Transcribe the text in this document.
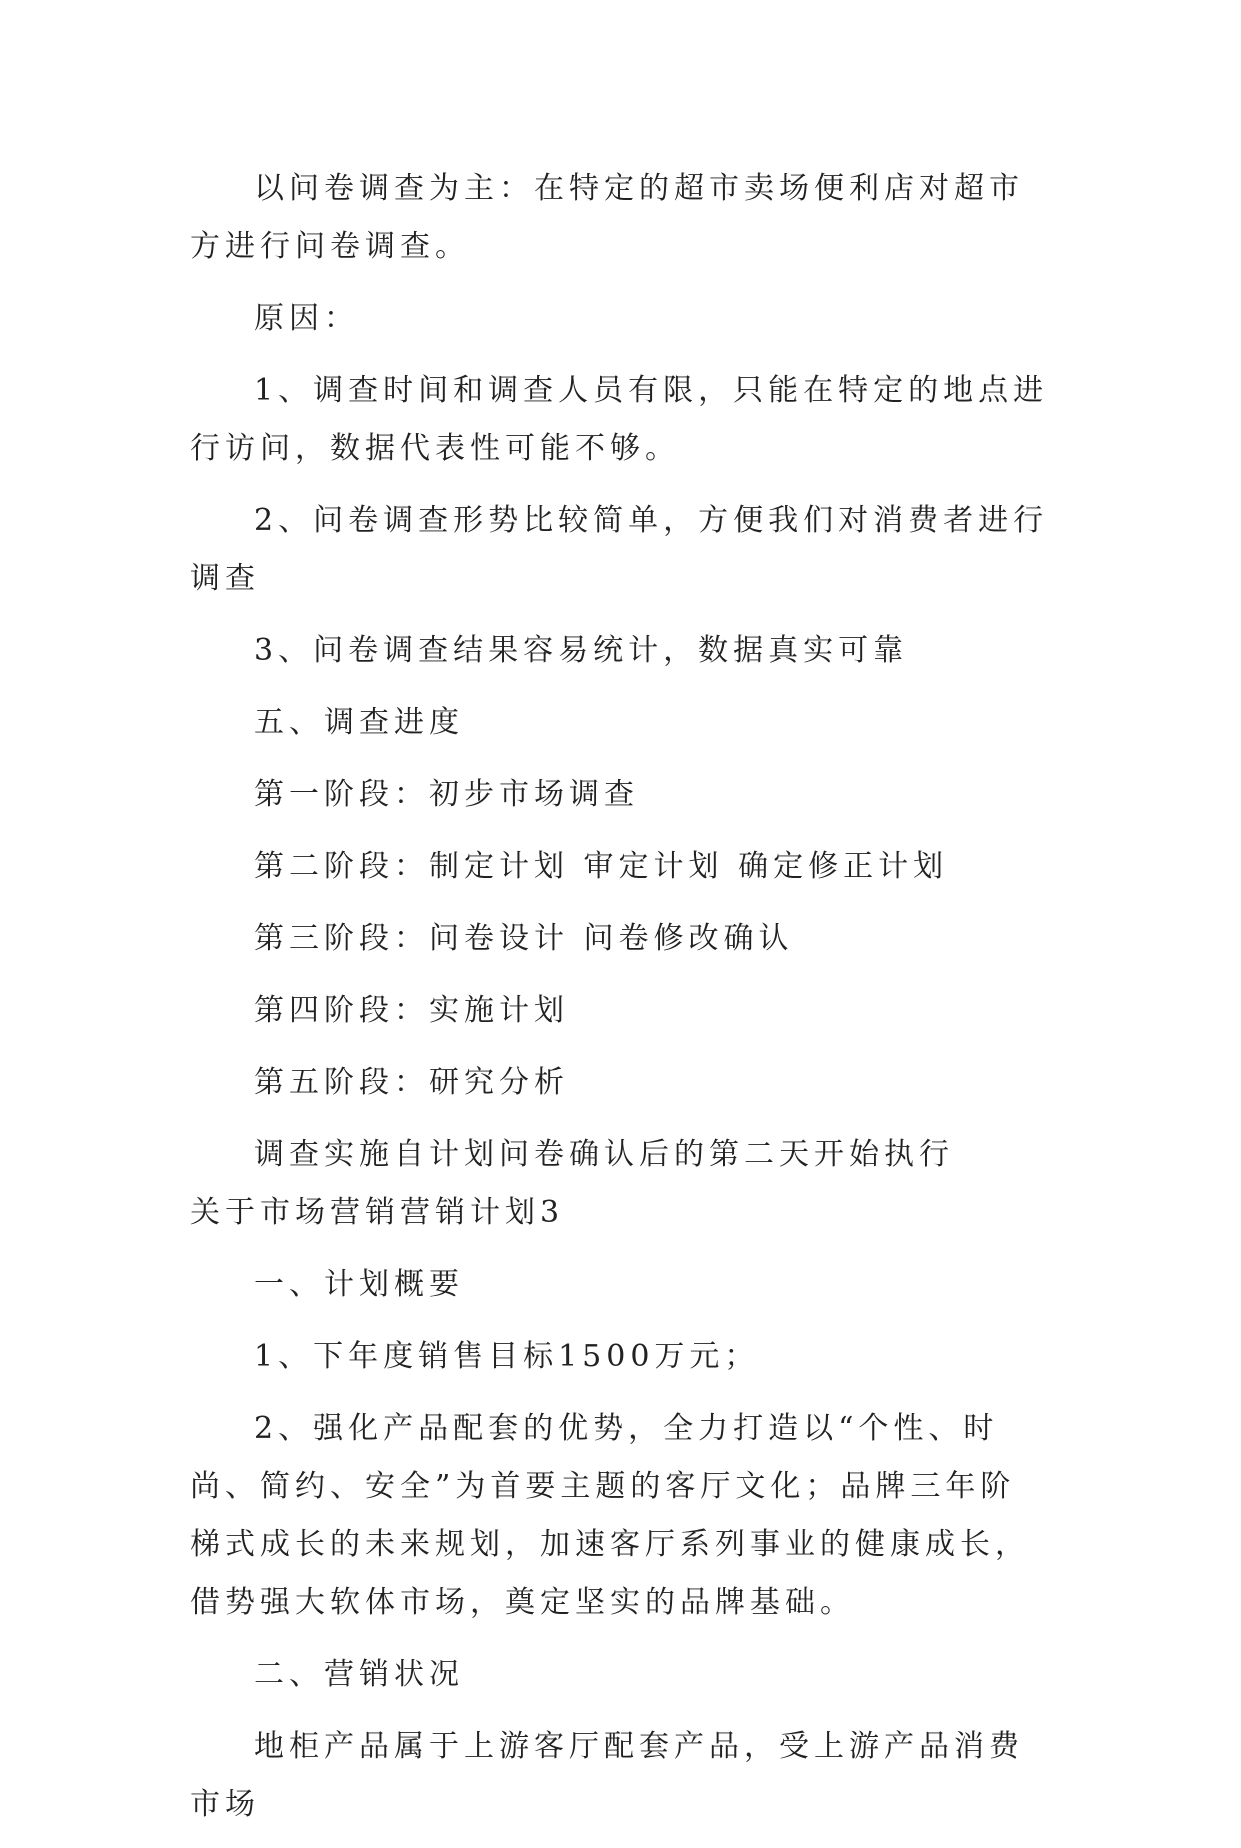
以问卷调查为主：在特定的超市卖场便利店对超市方进行问卷调查。

原因：

1、调查时间和调查人员有限，只能在特定的地点进行访问，数据代表性可能不够。

2、问卷调查形势比较简单，方便我们对消费者进行调查

3、问卷调查结果容易统计，数据真实可靠

五、调查进度

第一阶段：初步市场调查

第二阶段：制定计划 审定计划 确定修正计划

第三阶段：问卷设计 问卷修改确认

第四阶段：实施计划

第五阶段：研究分析

调查实施自计划问卷确认后的第二天开始执行

关于市场营销营销计划3

一、计划概要

1、下年度销售目标1500万元；

2、强化产品配套的优势，全力打造以“个性、时尚、简约、安全”为首要主题的客厅文化；品牌三年阶梯式成长的未来规划，加速客厅系列事业的健康成长，借势强大软体市场，奠定坚实的品牌基础。

二、营销状况

地柜产品属于上游客厅配套产品，受上游产品消费市场
